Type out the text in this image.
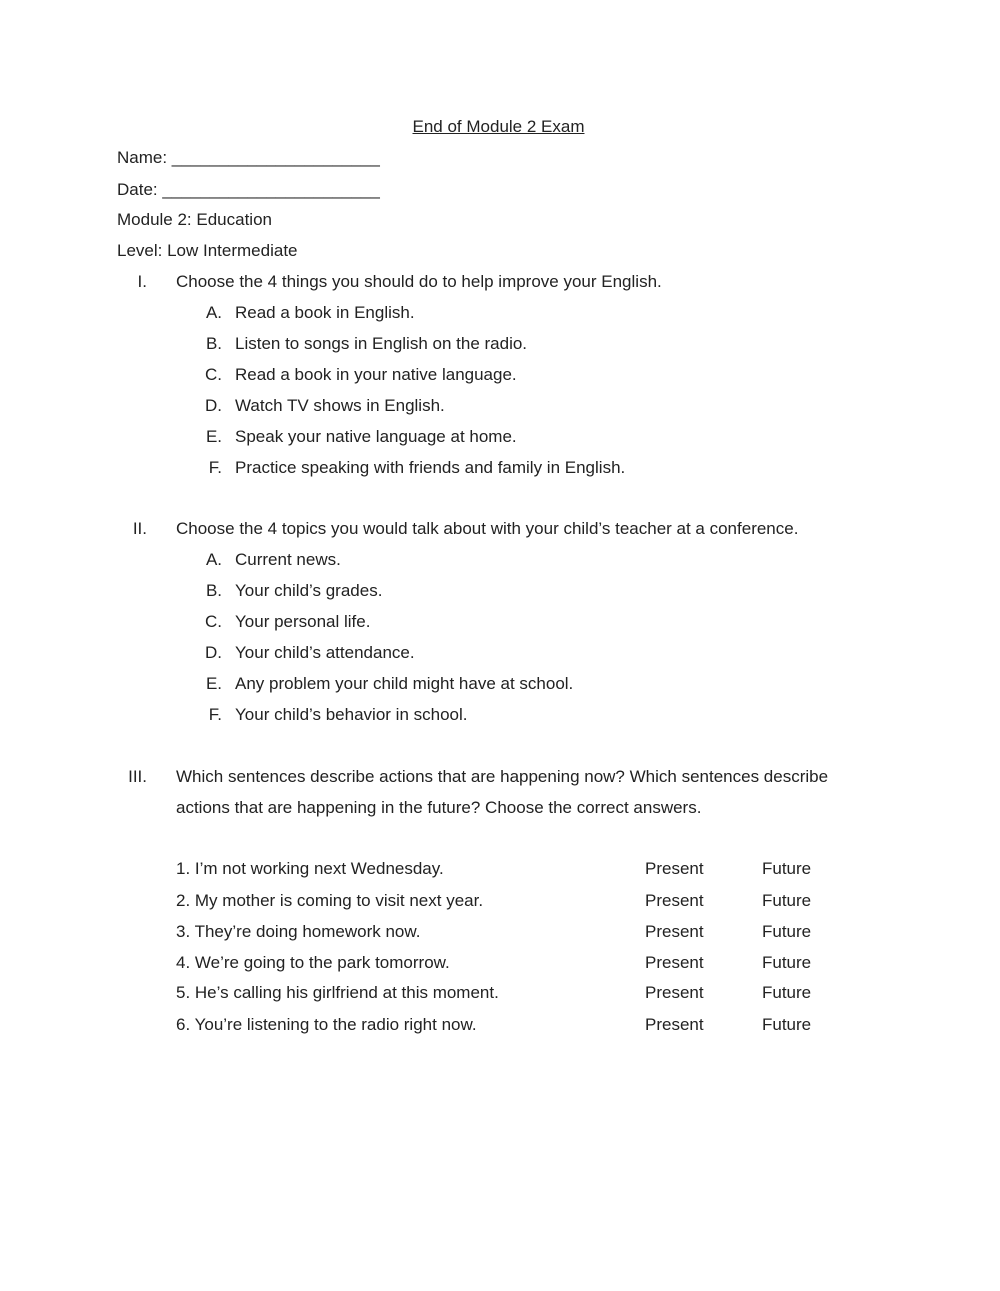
End of Module 2 Exam
Name: ______________________
Date: _______________________
Module 2: Education
Level: Low Intermediate
I. Choose the 4 things you should do to help improve your English.
A. Read a book in English.
B. Listen to songs in English on the radio.
C. Read a book in your native language.
D. Watch TV shows in English.
E. Speak your native language at home.
F. Practice speaking with friends and family in English.
II. Choose the 4 topics you would talk about with your child’s teacher at a conference.
A. Current news.
B. Your child’s grades.
C. Your personal life.
D. Your child’s attendance.
E. Any problem your child might have at school.
F. Your child’s behavior in school.
III. Which sentences describe actions that are happening now? Which sentences describe
actions that are happening in the future? Choose the correct answers.
1. I’m not working next Wednesday.	Present	Future
2. My mother is coming to visit next year.	Present	Future
3. They’re doing homework now.	Present	Future
4. We’re going to the park tomorrow.	Present	Future
5. He’s calling his girlfriend at this moment.	Present	Future
6. You’re listening to the radio right now.	Present	Future
